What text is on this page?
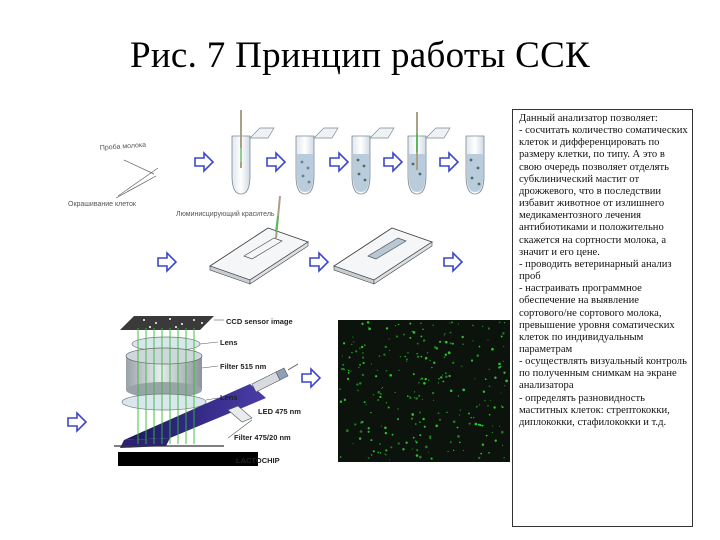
Рис. 7 Принцип работы ССК
Проба молока
Окрашивание клеток
Люминисцирующий краситель
CCD sensor image
Lens
Filter 515 nm
Lens
LED 475 nm
Filter 475/20 nm
LACTOCHIP
Данный анализатор позволяет:
- сосчитать количество соматических клеток и дифференцировать по размеру клетки, по типу. А это в свою очередь позволяет отделять субклинический мастит от дрожжевого, что в последствии избавит животное от излишнего медикаментозного лечения антибиотиками и положительно скажется на сортности молока, а значит и его цене.
- проводить ветеринарный анализ проб
- настраивать программное обеспечение на выявление сортового/не сортового молока, превышение уровня соматических клеток по индивидуальным параметрам
- осуществлять визуальный контроль по полученным снимкам на экране анализатора
- определять разновидность маститных клеток: стрептококки, диплококки, стафилококки и т.д.
